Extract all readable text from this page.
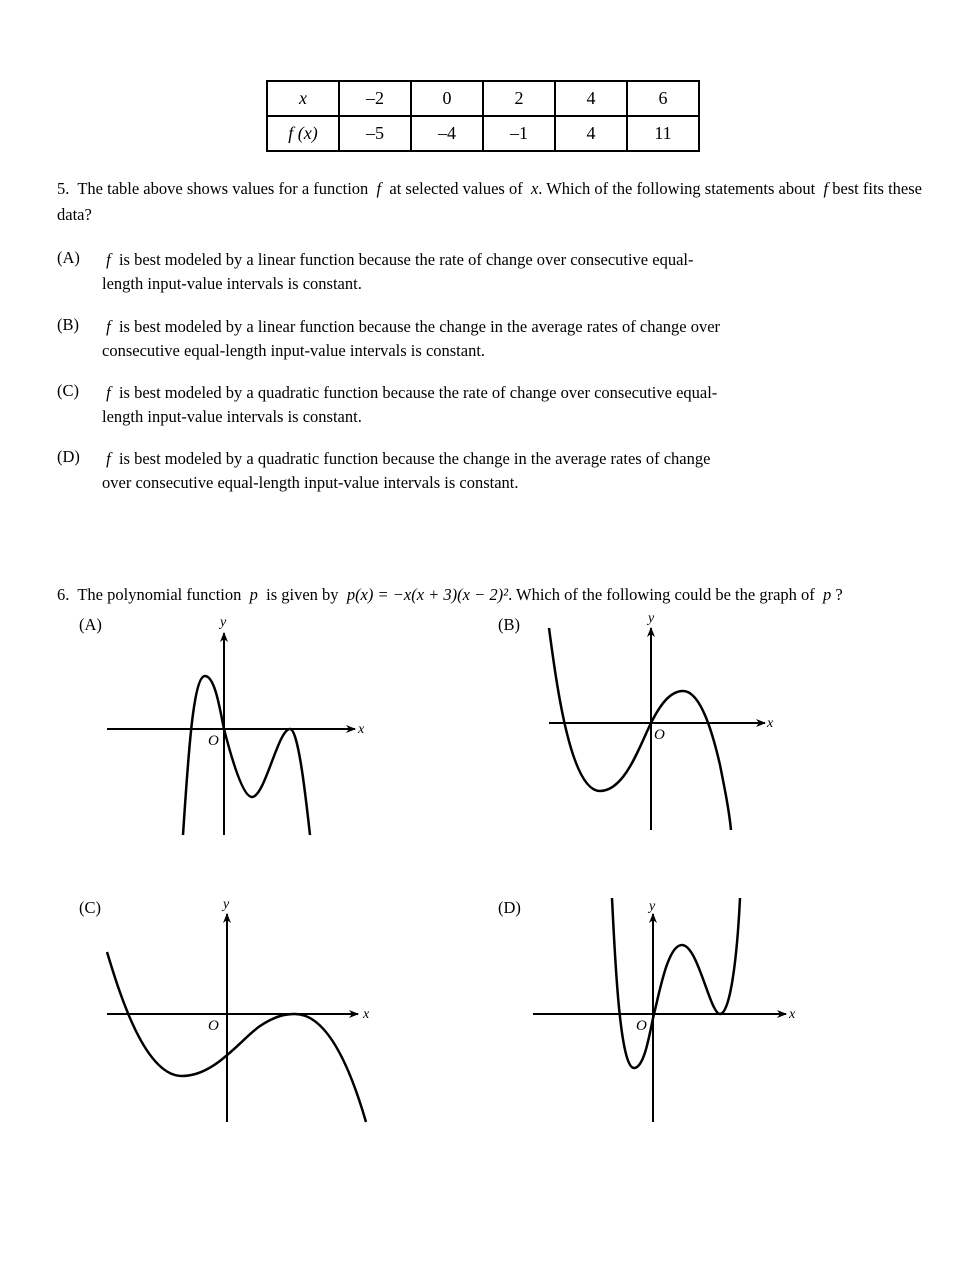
x	–2	0	2	4	6
f (x)	–5	–4	–1	4	11
5. The table above shows values for a function f at selected values of x. Which of the following statements about f best fits these data?
(A) f is best modeled by a linear function because the rate of change over consecutive equal-
length input-value intervals is constant.
(B) f is best modeled by a linear function because the change in the average rates of change over
consecutive equal-length input-value intervals is constant.
(C) f is best modeled by a quadratic function because the rate of change over consecutive equal-
length input-value intervals is constant.
(D) f is best modeled by a quadratic function because the change in the average rates of change
over consecutive equal-length input-value intervals is constant.
6. The polynomial function p is given by p(x) = −x(x + 3)(x − 2)². Which of the following could be the graph of p ?
(A)	(B)
(C)	(D)
x
y
O
x
y
O
x
y
O
x
y
O
